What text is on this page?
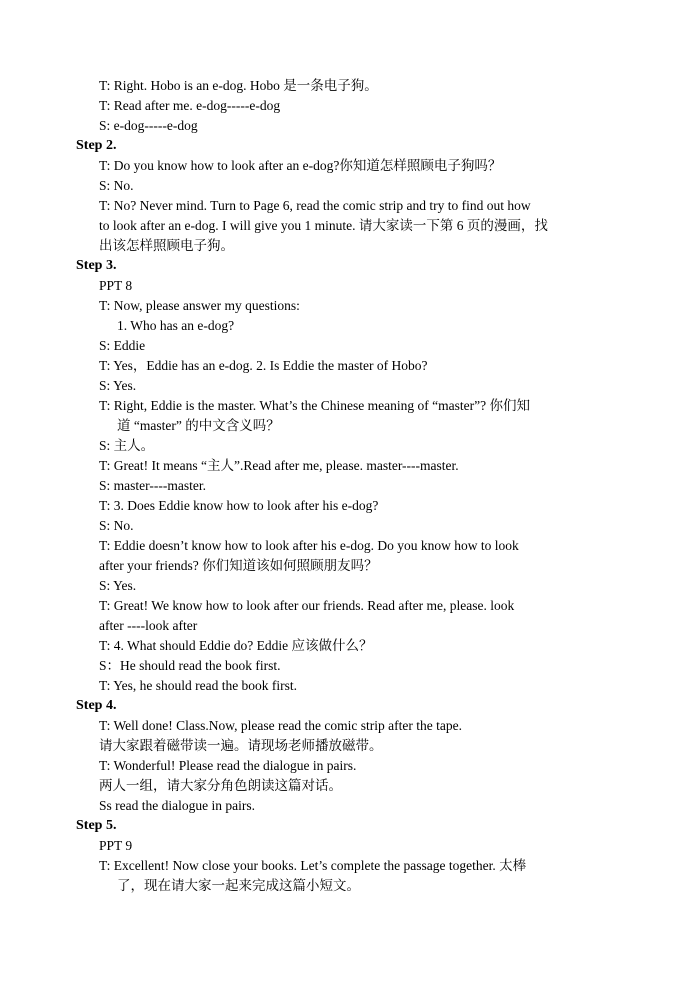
T: Right. Hobo is an e-dog. Hobo 是一条电子狗。
T: Read after me. e-dog-----e-dog
S: e-dog-----e-dog
Step 2.
T: Do you know how to look after an e-dog?你知道怎样照顾电子狗吗？
S: No.
T: No? Never mind. Turn to Page 6, read the comic strip and try to find out how
to look after an e-dog. I will give you 1 minute. 请大家读一下第 6 页的漫画，找
出该怎样照顾电子狗。
Step 3.
PPT 8
T: Now, please answer my questions:
1. Who has an e-dog?
S: Eddie
T: Yes，Eddie has an e-dog. 2. Is Eddie the master of Hobo?
S: Yes.
T: Right, Eddie is the master. What’s the Chinese meaning of “master”? 你们知
道 “master” 的中文含义吗？
S: 主人。
T: Great! It means “主人”.Read after me, please. master----master.
S: master----master.
T: 3. Does Eddie know how to look after his e-dog?
S: No.
T: Eddie doesn’t know how to look after his e-dog. Do you know how to look
after your friends? 你们知道该如何照顾朋友吗？
S: Yes.
T: Great! We know how to look after our friends. Read after me, please. look
after ----look after
T: 4. What should Eddie do? Eddie 应该做什么？
S：He should read the book first.
T: Yes, he should read the book first.
Step 4.
T: Well done! Class.Now, please read the comic strip after the tape.
请大家跟着磁带读一遍。请现场老师播放磁带。
T: Wonderful! Please read the dialogue in pairs.
两人一组，请大家分角色朗读这篇对话。
Ss read the dialogue in pairs.
Step 5.
PPT 9
T: Excellent! Now close your books. Let’s complete the passage together. 太棒
了，现在请大家一起来完成这篇小短文。
